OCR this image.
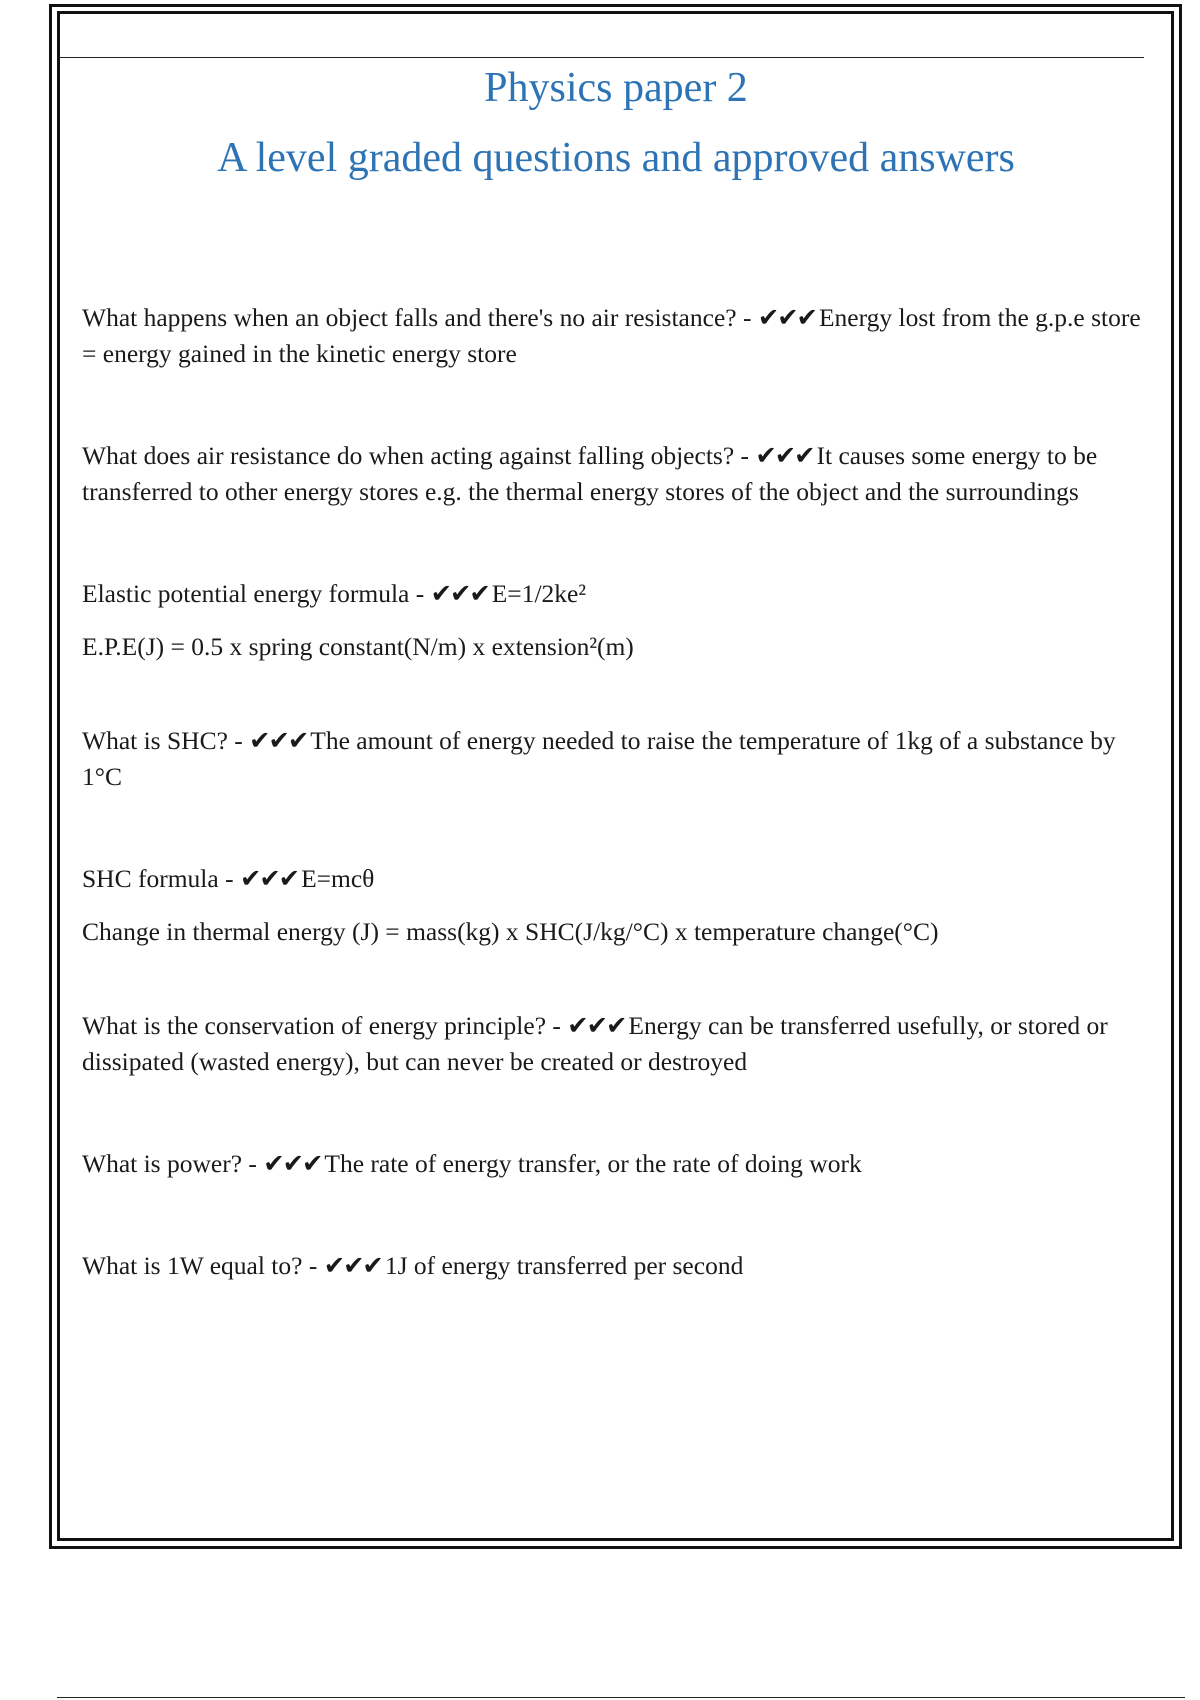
Physics paper 2
A level graded questions and approved answers

What happens when an object falls and there's no air resistance? - ✔✔✔ Energy lost from the g.p.e store = energy gained in the kinetic energy store

What does air resistance do when acting against falling objects? - ✔✔✔ It causes some energy to be transferred to other energy stores e.g. the thermal energy stores of the object and the surroundings

Elastic potential energy formula - ✔✔✔ E=1/2ke²

E.P.E(J) = 0.5 x spring constant(N/m) x extension²(m)

What is SHC? - ✔✔✔ The amount of energy needed to raise the temperature of 1kg of a substance by 1°C

SHC formula - ✔✔✔ E=mcθ

Change in thermal energy (J) = mass(kg) x SHC(J/kg/°C) x temperature change(°C)

What is the conservation of energy principle? - ✔✔✔ Energy can be transferred usefully, or stored or dissipated (wasted energy), but can never be created or destroyed

What is power? - ✔✔✔ The rate of energy transfer, or the rate of doing work

What is 1W equal to? - ✔✔✔ 1J of energy transferred per second
